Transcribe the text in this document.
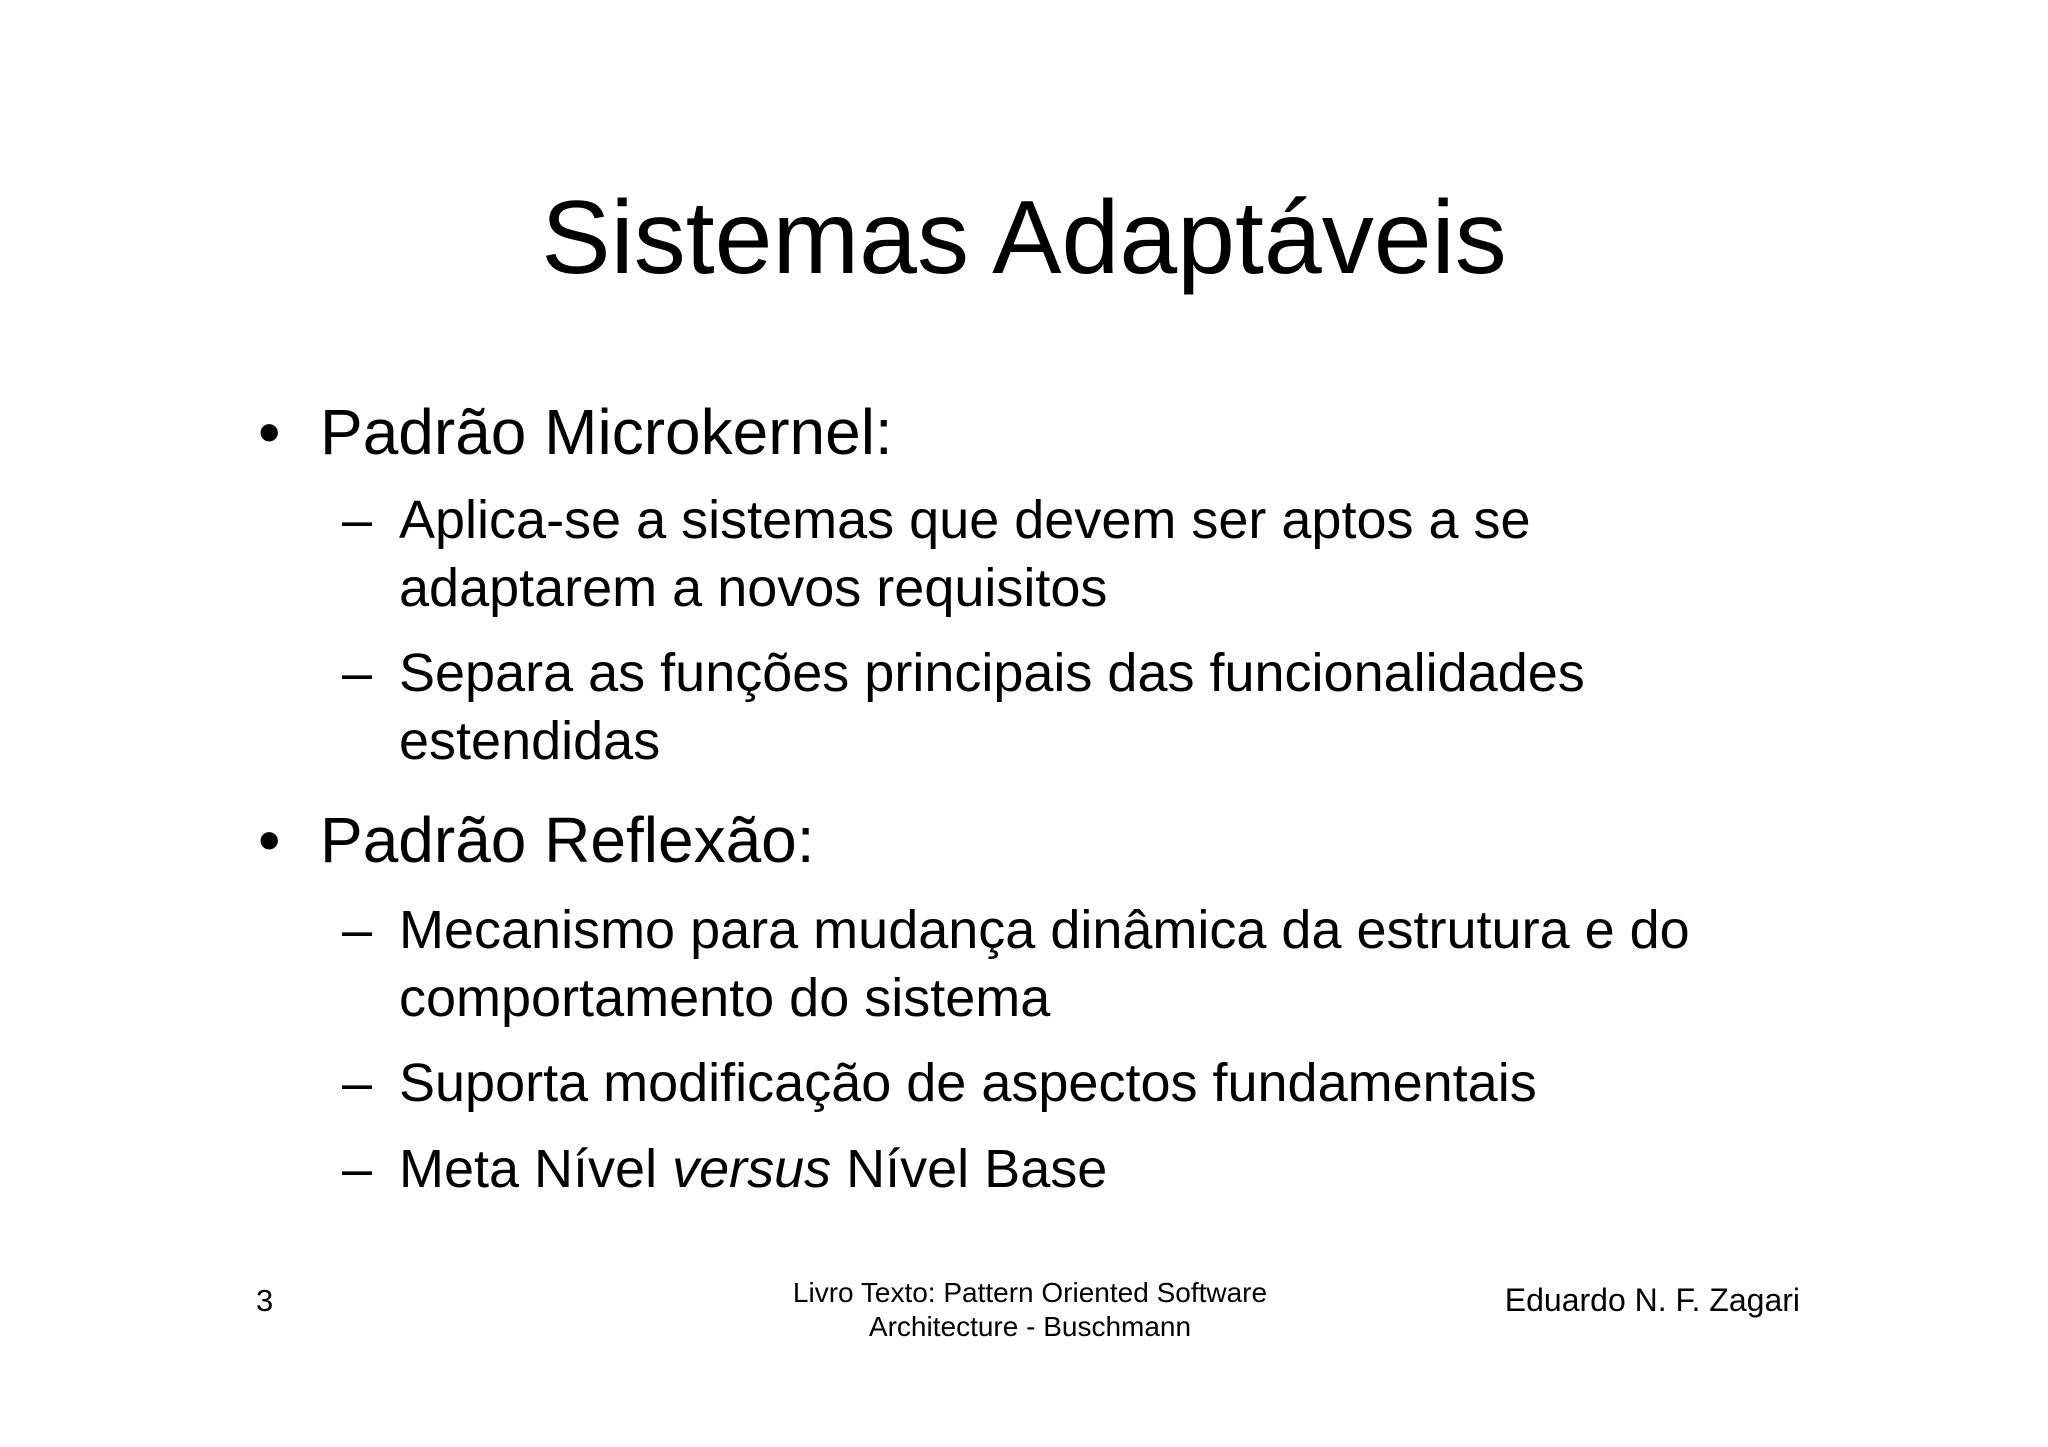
Sistemas Adaptáveis
• Padrão Microkernel:
– Aplica-se a sistemas que devem ser aptos a se
adaptarem a novos requisitos
– Separa as funções principais das funcionalidades
estendidas
• Padrão Reflexão:
– Mecanismo para mudança dinâmica da estrutura e do
comportamento do sistema
– Suporta modificação de aspectos fundamentais
– Meta Nível versus Nível Base
3	Livro Texto: Pattern Oriented Software
Architecture - Buschmann
Eduardo N. F. Zagari
